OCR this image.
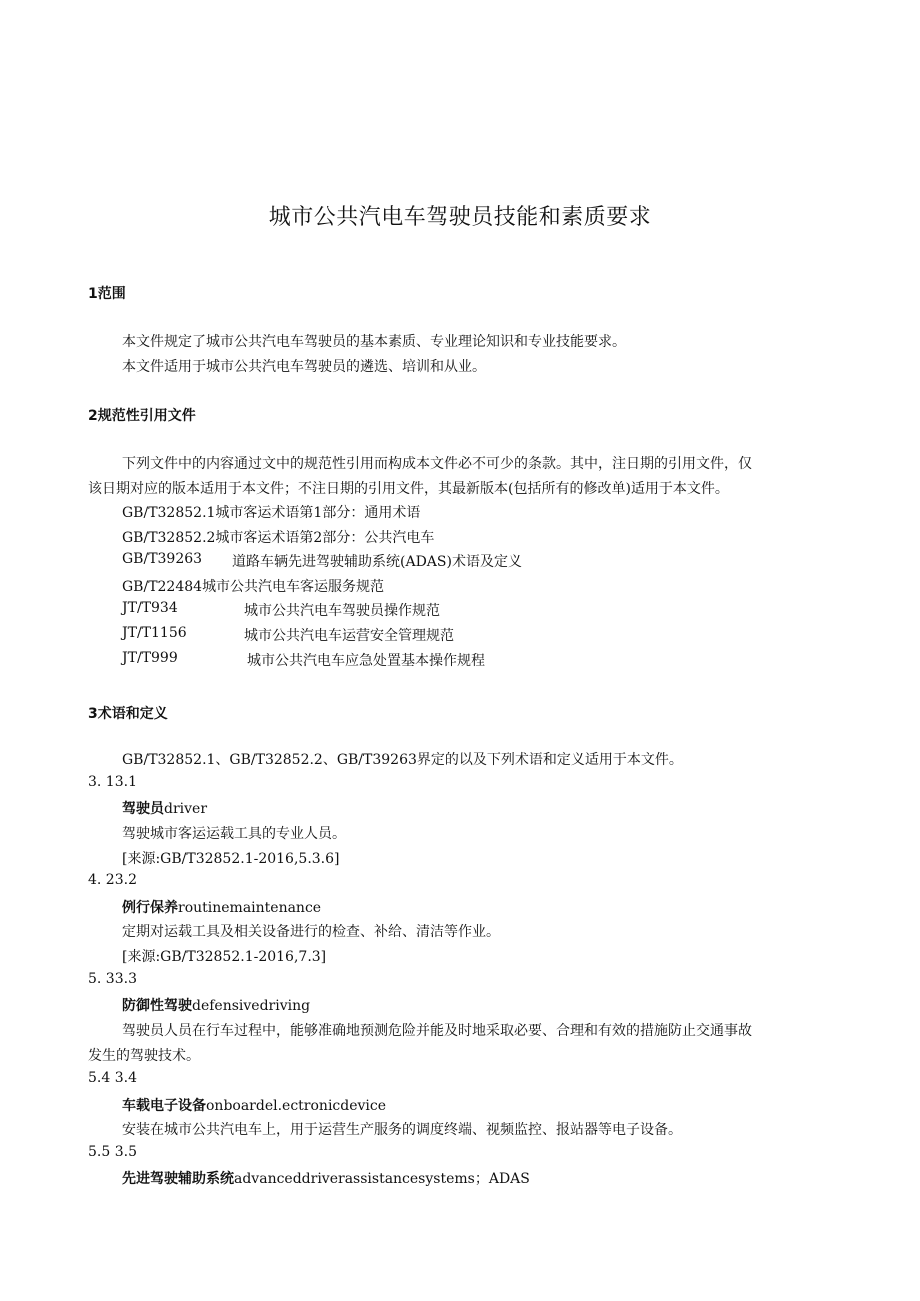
城市公共汽电车驾驶员技能和素质要求
1范围
本文件规定了城市公共汽电车驾驶员的基本素质、专业理论知识和专业技能要求。
本文件适用于城市公共汽电车驾驶员的遴选、培训和从业。
2规范性引用文件
下列文件中的内容通过文中的规范性引用而构成本文件必不可少的条款。其中，注日期的引用文件，仅
该日期对应的版本适用于本文件；不注日期的引用文件，其最新版本(包括所有的修改单)适用于本文件。
GB/T32852.1城市客运术语第1部分：通用术语
GB/T32852.2城市客运术语第2部分：公共汽电车
GB/T39263 道路车辆先进驾驶辅助系统(ADAS)术语及定义
GB/T22484城市公共汽电车客运服务规范
JT/T934	城市公共汽电车驾驶员操作规范
JT/T1156	城市公共汽电车运营安全管理规范
JT/T999	城市公共汽电车应急处置基本操作规程
3术语和定义
GB/T32852.1、GB/T32852.2、GB/T39263界定的以及下列术语和定义适用于本文件。
3. 13.1
驾驶员driver
驾驶城市客运运载工具的专业人员。
[来源:GB/T32852.1-2016,5.3.6]
4. 23.2
例行保养routinemaintenance
定期对运载工具及相关设备进行的检查、补给、清洁等作业。
[来源:GB/T32852.1-2016,7.3]
5. 33.3
防御性驾驶defensivedriving
驾驶员人员在行车过程中，能够准确地预测危险并能及时地采取必要、合理和有效的措施防止交通事故
发生的驾驶技术。
5.4 3.4
车载电子设备onboardel.ectronicdevice
安装在城市公共汽电车上，用于运营生产服务的调度终端、视频监控、报站器等电子设备。
5.5 3.5
先进驾驶辅助系统advanceddriverassistancesystems；ADAS
